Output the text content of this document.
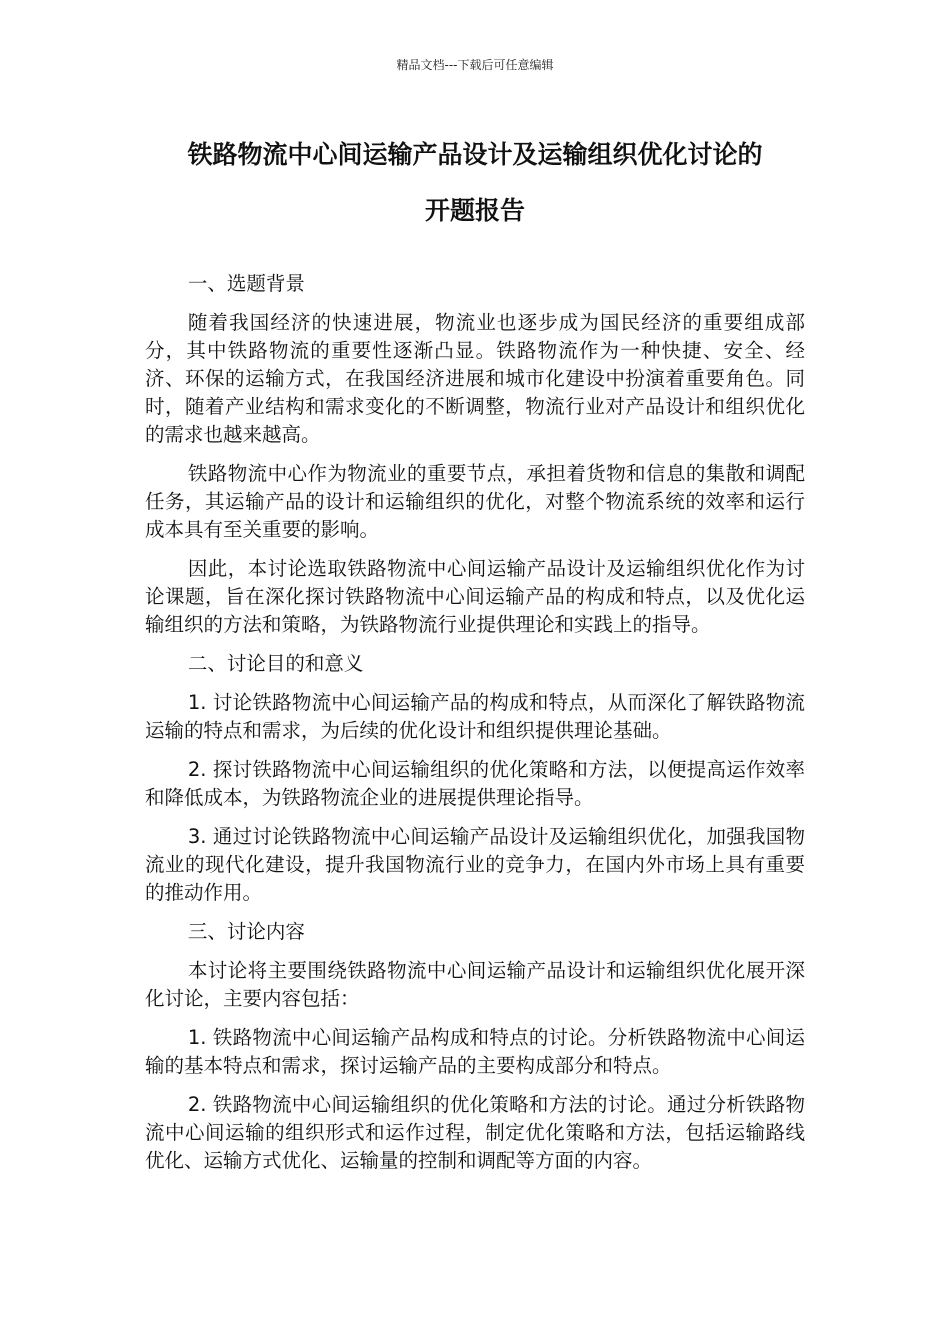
精品文档---下载后可任意编辑
铁路物流中心间运输产品设计及运输组织优化讨论的
开题报告

一、选题背景

随着我国经济的快速进展，物流业也逐步成为国民经济的重要组成部分，其中铁路物流的重要性逐渐凸显。铁路物流作为一种快捷、安全、经济、环保的运输方式，在我国经济进展和城市化建设中扮演着重要角色。同时，随着产业结构和需求变化的不断调整，物流行业对产品设计和组织优化的需求也越来越高。

铁路物流中心作为物流业的重要节点，承担着货物和信息的集散和调配任务，其运输产品的设计和运输组织的优化，对整个物流系统的效率和运行成本具有至关重要的影响。

因此，本讨论选取铁路物流中心间运输产品设计及运输组织优化作为讨论课题，旨在深化探讨铁路物流中心间运输产品的构成和特点，以及优化运输组织的方法和策略，为铁路物流行业提供理论和实践上的指导。

二、讨论目的和意义

1. 讨论铁路物流中心间运输产品的构成和特点，从而深化了解铁路物流运输的特点和需求，为后续的优化设计和组织提供理论基础。

2. 探讨铁路物流中心间运输组织的优化策略和方法，以便提高运作效率和降低成本，为铁路物流企业的进展提供理论指导。

3. 通过讨论铁路物流中心间运输产品设计及运输组织优化，加强我国物流业的现代化建设，提升我国物流行业的竞争力，在国内外市场上具有重要的推动作用。

三、讨论内容

本讨论将主要围绕铁路物流中心间运输产品设计和运输组织优化展开深化讨论，主要内容包括：

1. 铁路物流中心间运输产品构成和特点的讨论。分析铁路物流中心间运输的基本特点和需求，探讨运输产品的主要构成部分和特点。

2. 铁路物流中心间运输组织的优化策略和方法的讨论。通过分析铁路物流中心间运输的组织形式和运作过程，制定优化策略和方法，包括运输路线优化、运输方式优化、运输量的控制和调配等方面的内容。
